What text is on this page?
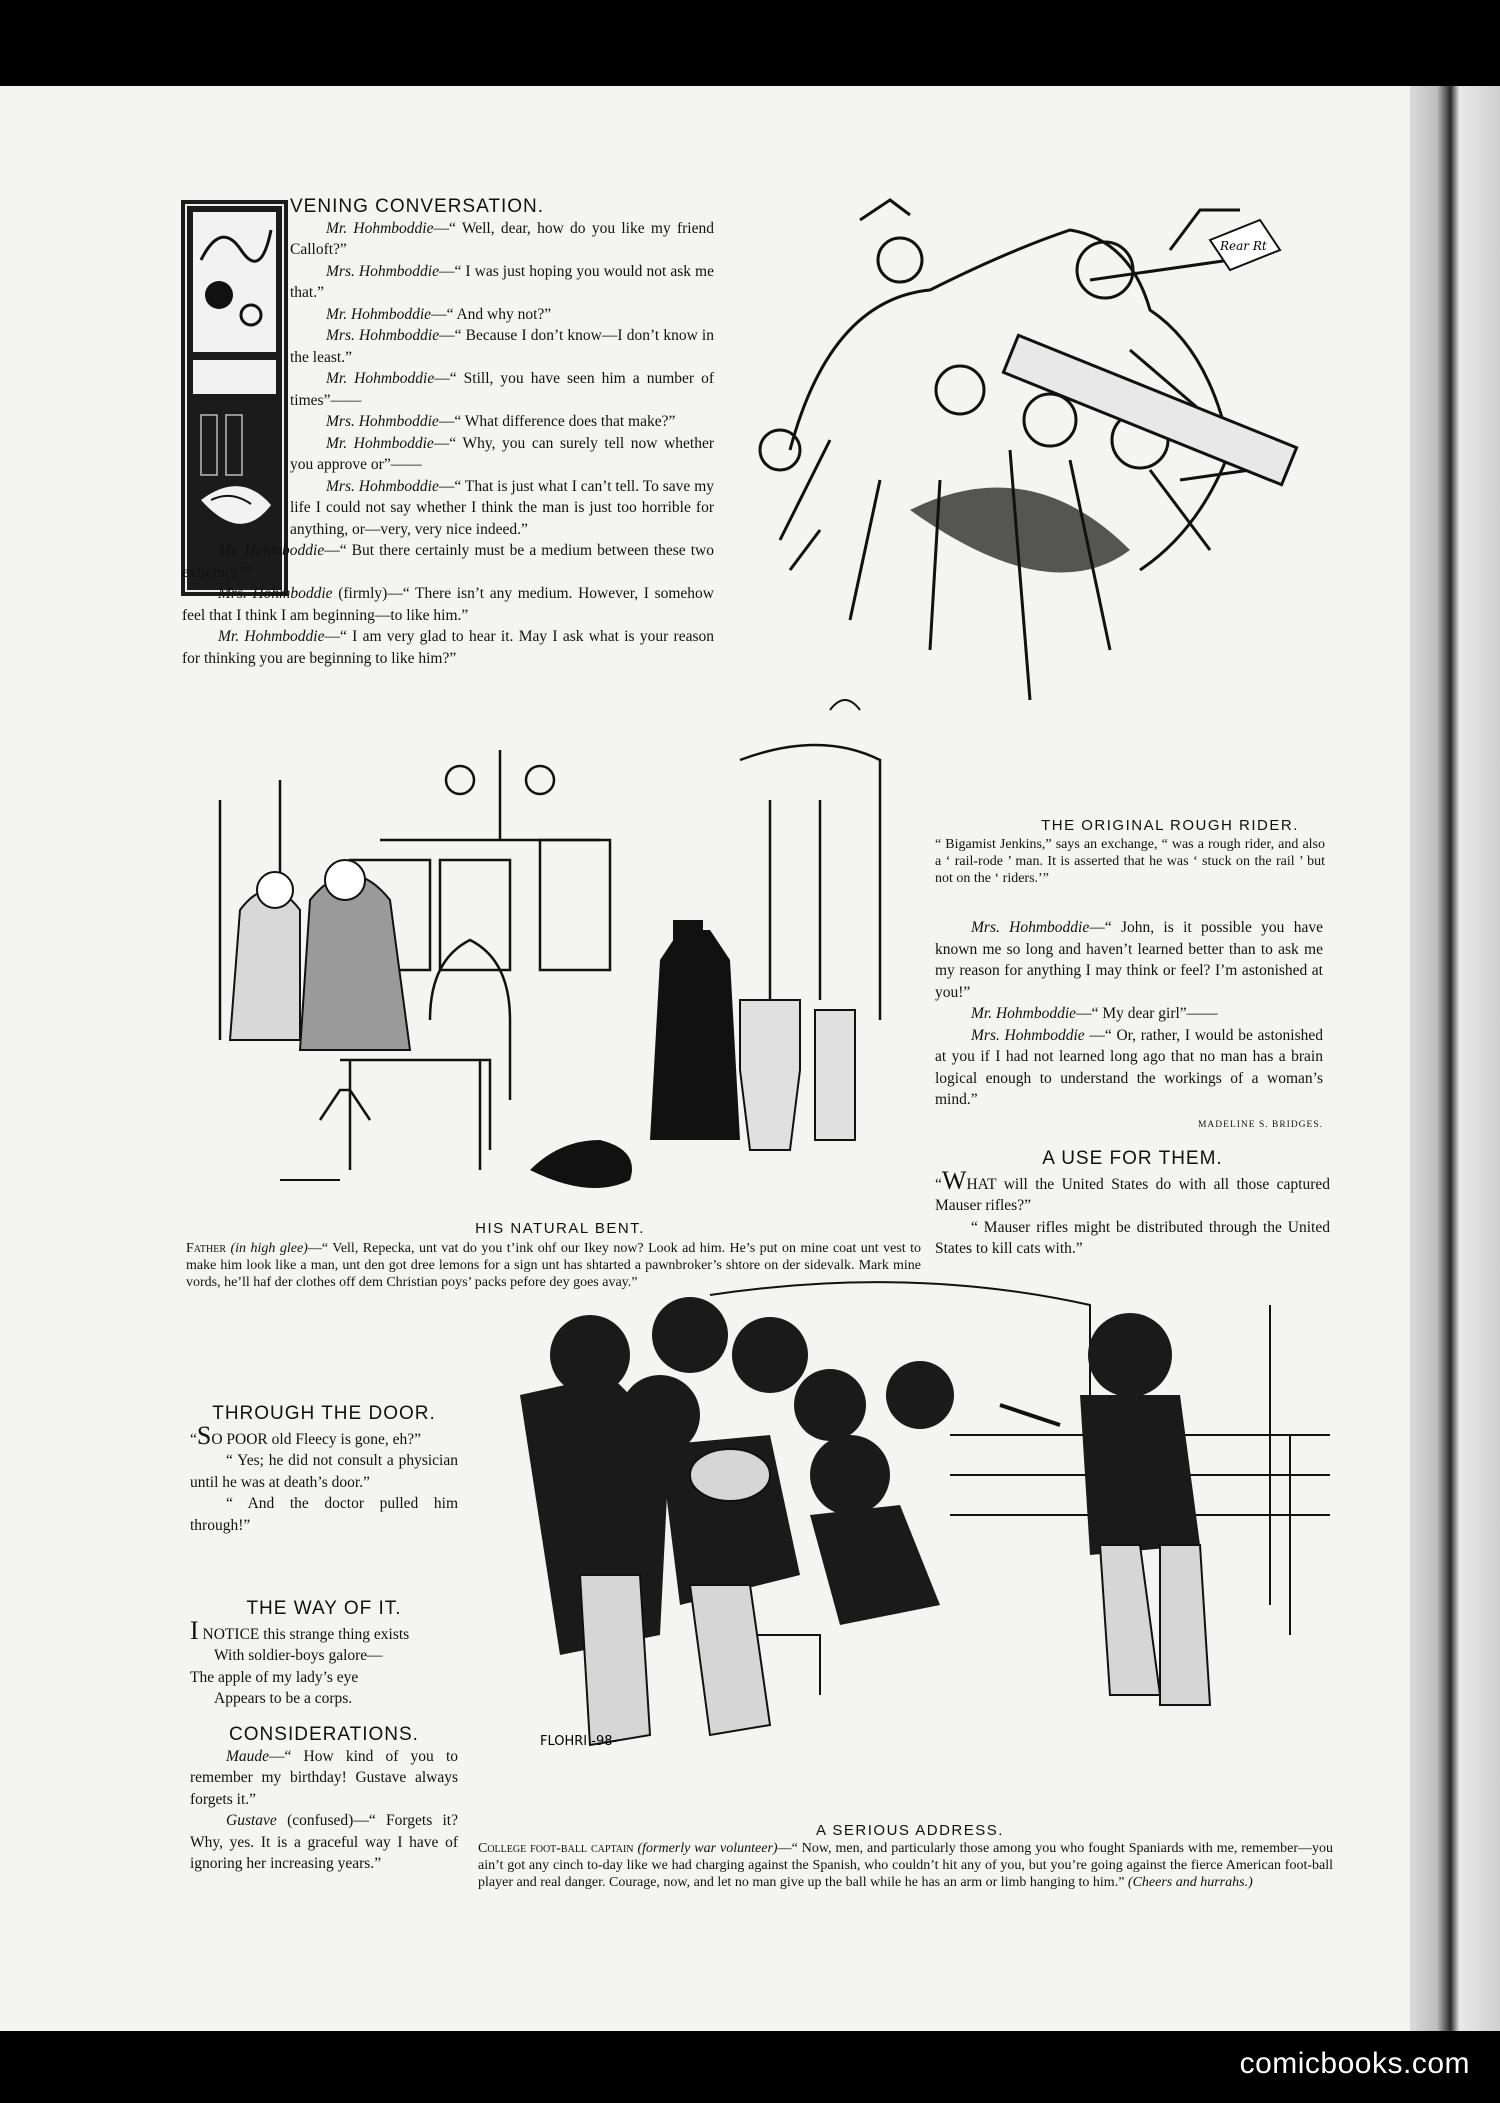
VENING CONVERSATION.

Mr. Hohmboddie—“ Well, dear, how do you like my friend Calloft?”

Mrs. Hohmboddie—“ I was just hoping you would not ask me that.”

Mr. Hohmboddie—“ And why not?”

Mrs. Hohmboddie—“ Because I don’t know—I don’t know in the least.”

Mr. Hohmboddie—“ Still, you have seen him a number of times”——

Mrs. Hohmboddie—“ What difference does that make?”

Mr. Hohmboddie—“ Why, you can surely tell now whether you approve or”——

Mrs. Hohmboddie—“ That is just what I can’t tell. To save my life I could not say whether I think the man is just too horrible for anything, or—very, very nice indeed.”

Mr. Hohmboddie—“ But there certainly must be a medium between these two extremes?”

Mrs. Hohmboddie (firmly)—“ There isn’t any medium. However, I somehow feel that I think I am beginning—to like him.”

Mr. Hohmboddie—“ I am very glad to hear it. May I ask what is your reason for thinking you are beginning to like him?”

Rear Rt
THE ORIGINAL ROUGH RIDER.
“ Bigamist Jenkins,” says an exchange, “ was a rough rider, and also a ‘ rail-rode ’ man. It is asserted that he was ‘ stuck on the rail ’ but not on the ‘ riders.’”
HIS NATURAL BENT.
Father (in high glee)—“ Vell, Repecka, unt vat do you t’ink ohf our Ikey now? Look ad him. He’s put on mine coat unt vest to make him look like a man, unt den got dree lemons for a sign unt has shtarted a pawnbroker’s shtore on der sidevalk. Mark mine vords, he’ll haf der clothes off dem Christian poys’ packs pefore dey goes avay.”

Mrs. Hohmboddie—“ John, is it possible you have known me so long and haven’t learned better than to ask me my reason for anything I may think or feel? I’m astonished at you!”

Mr. Hohmboddie—“ My dear girl”——

Mrs. Hohmboddie —“ Or, rather, I would be astonished at you if I had not learned long ago that no man has a brain logical enough to understand the workings of a woman’s mind.”

MADELINE S. BRIDGES.
A USE FOR THEM.

“WHAT will the United States do with all those captured Mauser rifles?”

“ Mauser rifles might be distributed through the United States to kill cats with.”

FLOHRI -98-
A SERIOUS ADDRESS.
College foot-ball captain (formerly war volunteer)—“ Now, men, and particularly those among you who fought Spaniards with me, remember—you ain’t got any cinch to-day like we had charging against the Spanish, who couldn’t hit any of you, but you’re going against the fierce American foot-ball player and real danger. Courage, now, and let no man give up the ball while he has an arm or limb hanging to him.” (Cheers and hurrahs.)
THROUGH THE DOOR.

“SO POOR old Fleecy is gone, eh?”

“ Yes; he did not consult a physician until he was at death’s door.”

“ And the doctor pulled him through!”

THE WAY OF IT.
I NOTICE this strange thing exists
With soldier-boys galore—
The apple of my lady’s eye
Appears to be a corps.
CONSIDERATIONS.

Maude—“ How kind of you to remember my birthday! Gustave always forgets it.”

Gustave (confused)—“ Forgets it? Why, yes. It is a graceful way I have of ignoring her increasing years.”

comicbooks.com
